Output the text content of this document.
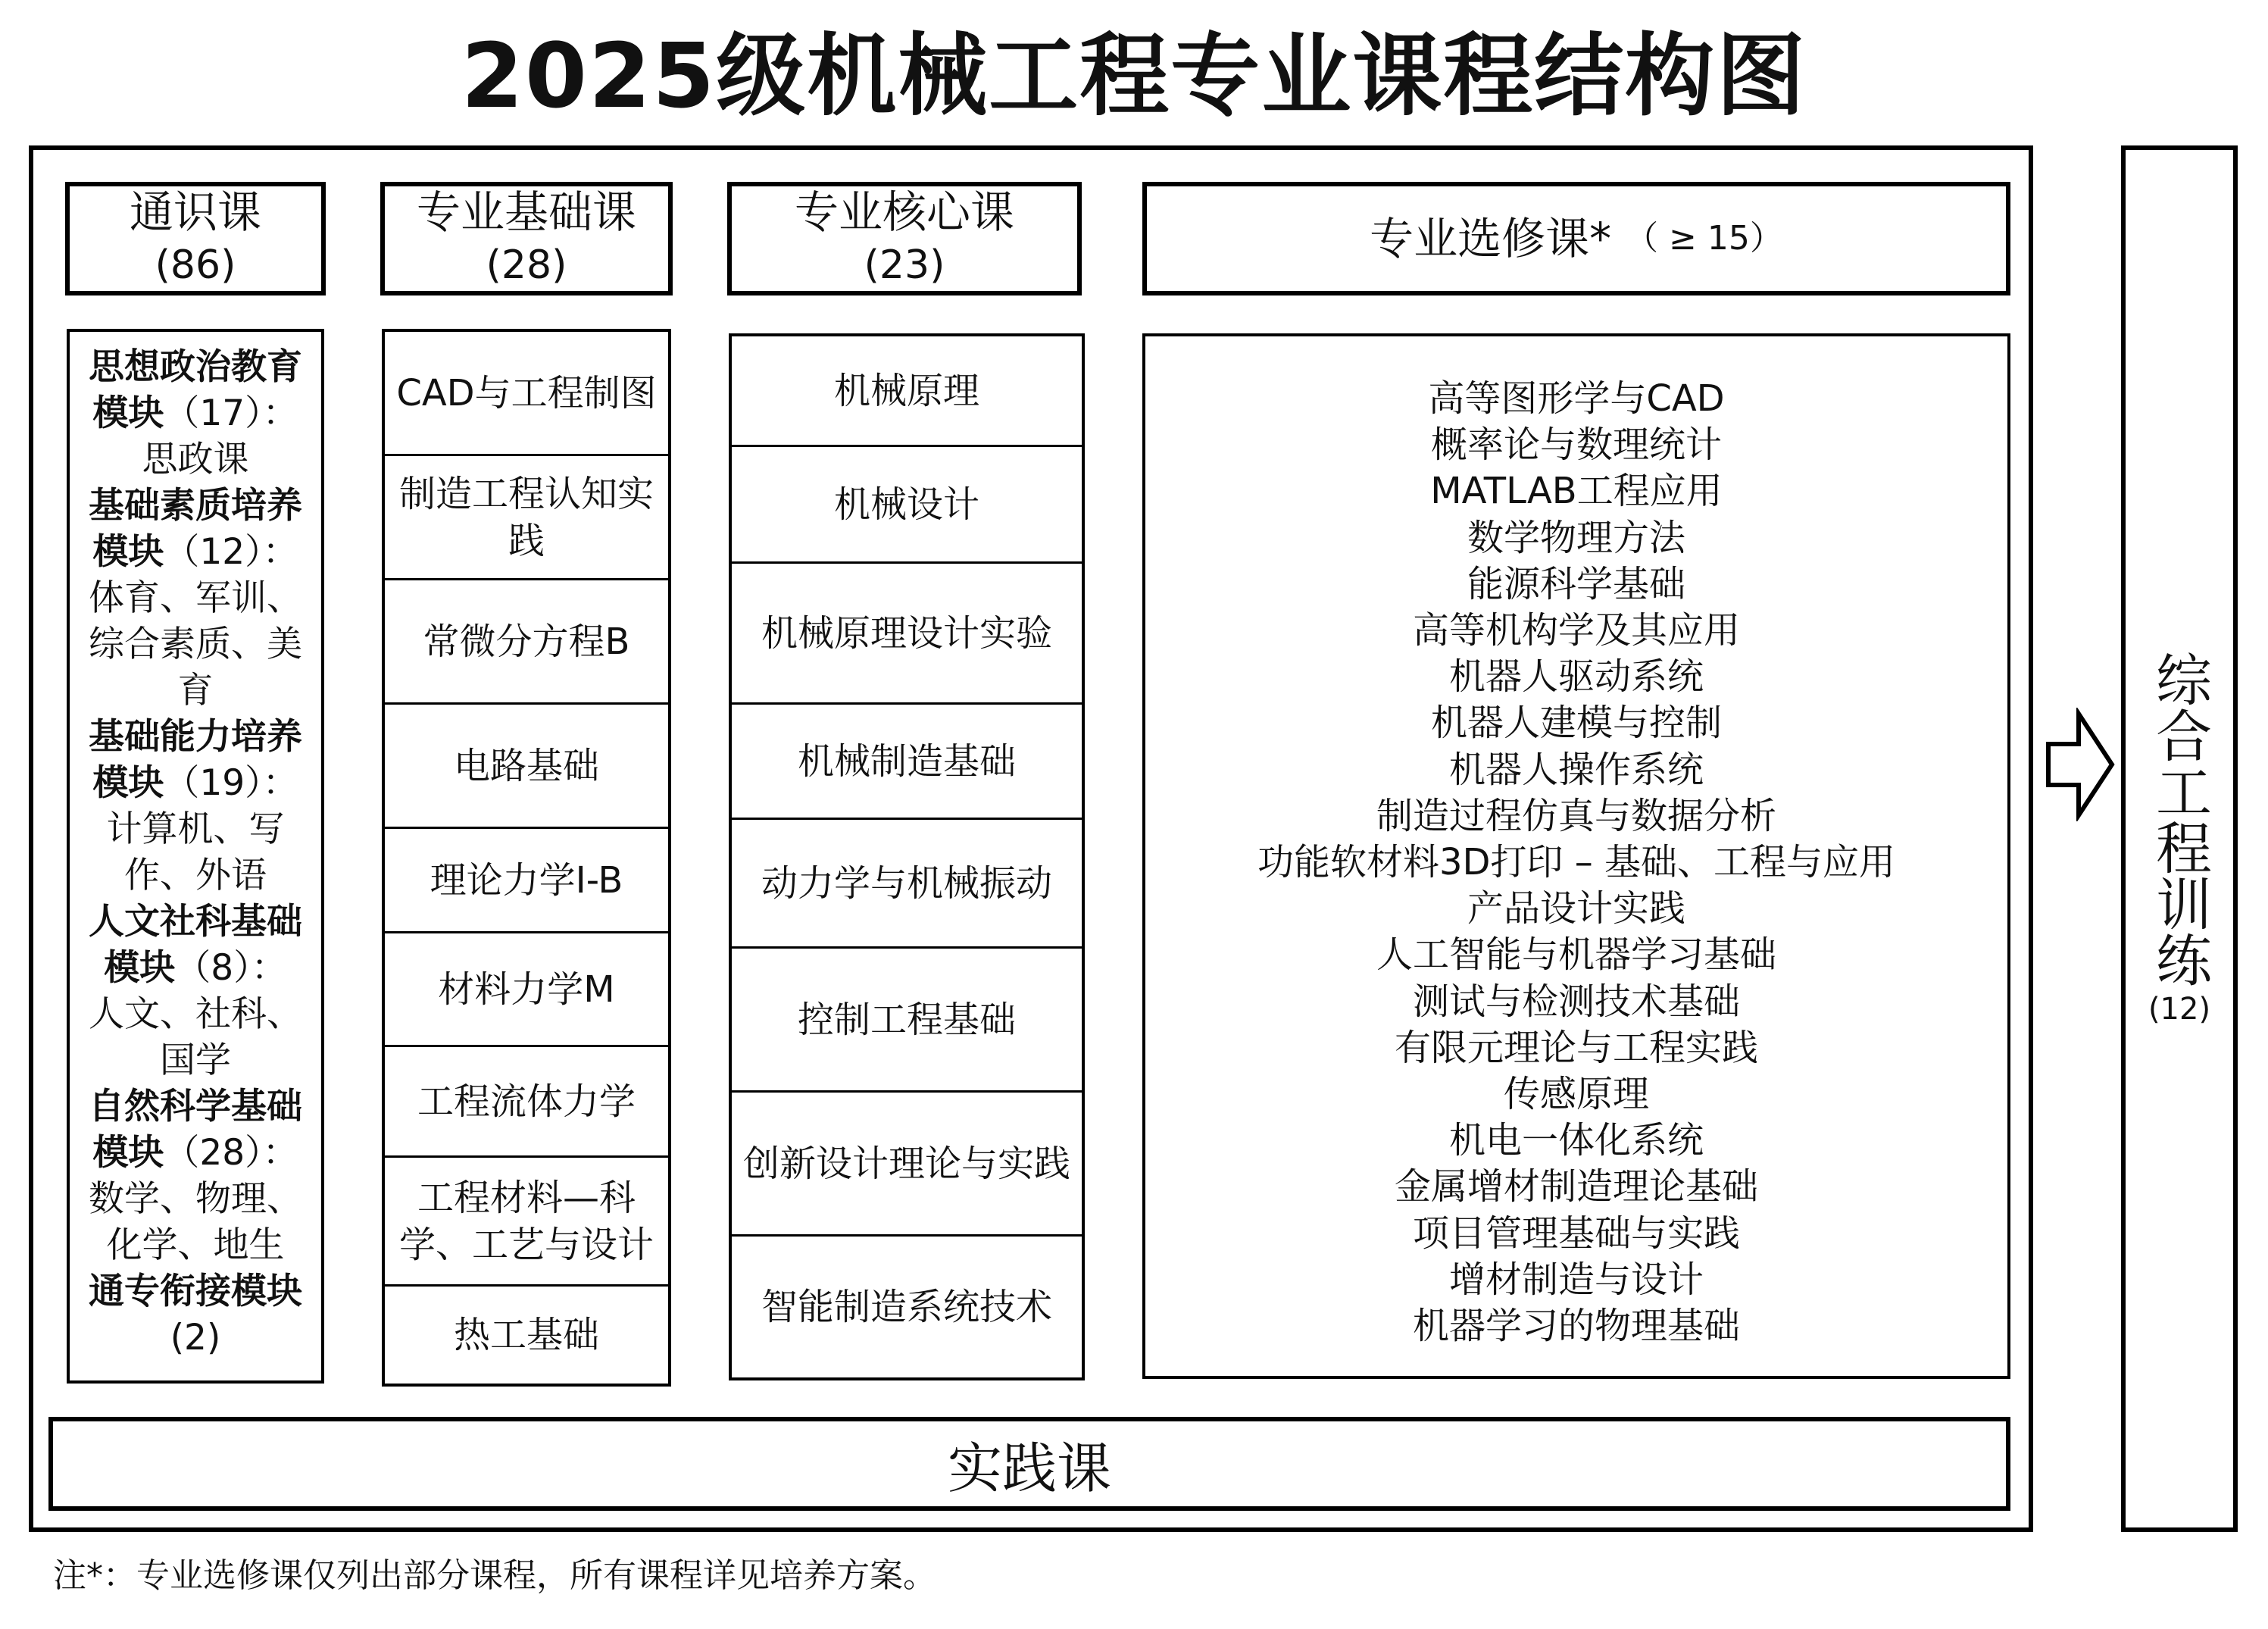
2025级机械工程专业课程结构图
通识课
(86)
专业基础课
(28)
专业核心课
(23)
专业选修课* （ ≥ 15）
思想政治教育模块（17）：
思政课
基础素质培养模块（12）：
体育、军训、综合素质、美育
基础能力培养模块（19）：
计算机、写作、外语
人文社科基础模块（8）：
人文、社科、国学
自然科学基础模块（28）：
数学、物理、化学、地生
通专衔接模块
(2)
CAD与工程制图
制造工程认知实践
常微分方程B
电路基础
理论力学I-B
材料力学M
工程流体力学
工程材料—科学、工艺与设计
热工基础
机械原理
机械设计
机械原理设计实验
机械制造基础
动力学与机械振动
控制工程基础
创新设计理论与实践
智能制造系统技术
高等图形学与CAD
概率论与数理统计
MATLAB工程应用
数学物理方法
能源科学基础
高等机构学及其应用
机器人驱动系统
机器人建模与控制
机器人操作系统
制造过程仿真与数据分析
功能软材料3D打印 – 基础、工程与应用
产品设计实践
人工智能与机器学习基础
测试与检测技术基础
有限元理论与工程实践
传感原理
机电一体化系统
金属增材制造理论基础
项目管理基础与实践
增材制造与设计
机器学习的物理基础
实践课
综合工程训练
(12)
注*：专业选修课仅列出部分课程，所有课程详见培养方案。
